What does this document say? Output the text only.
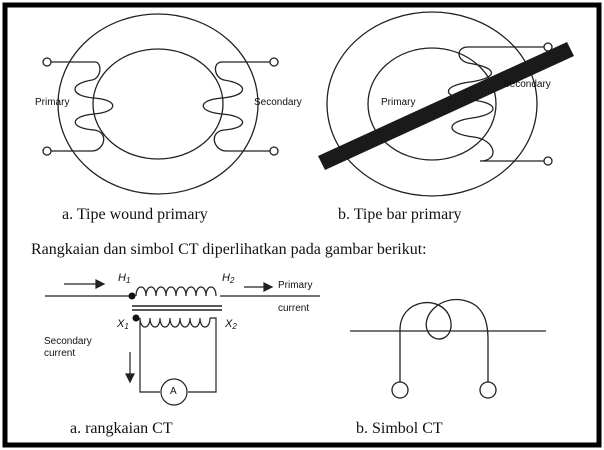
Primary	Secondary	Primary
Secondary
a. Tipe wound primary	b. Tipe bar primary
Rangkaian dan simbol CT diperlihatkan pada gambar berikut:
$H_1$	$H_2$
$X_1$	$X_2$
Primary
current
Secondary
current
A
a. rangkaian CT	b. Simbol CT
